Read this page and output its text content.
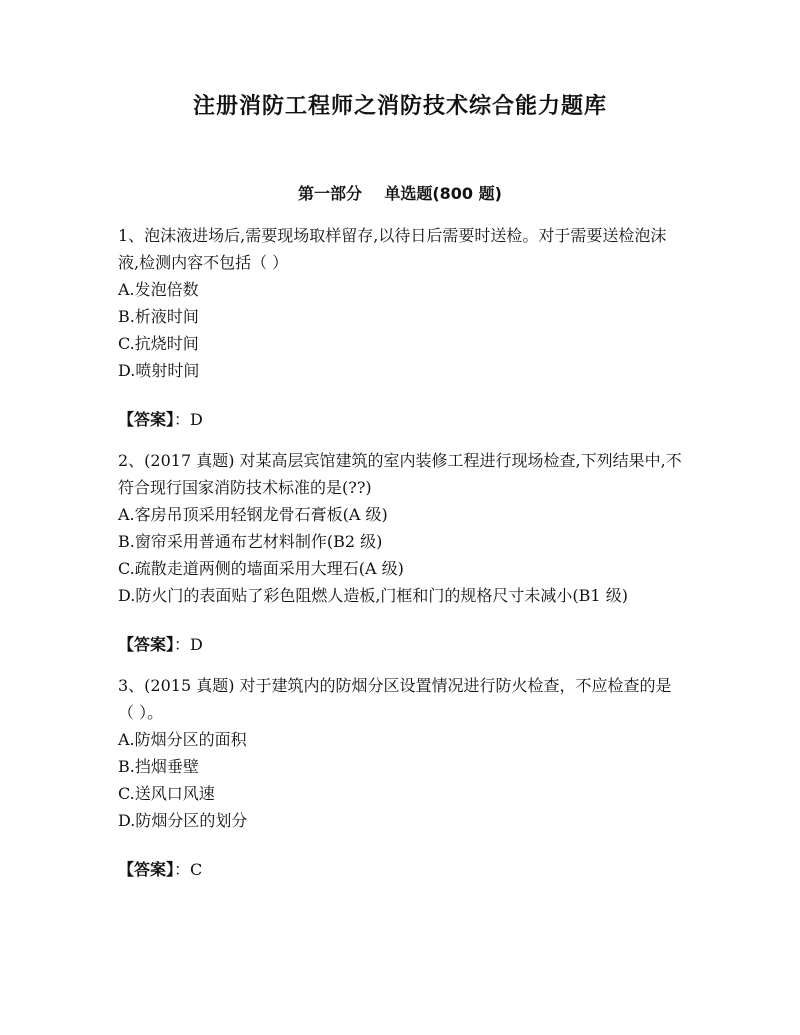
注册消防工程师之消防技术综合能力题库
第一部分    单选题(800 题)

1、泡沫液进场后,需要现场取样留存,以待日后需要时送检。对于需要送检泡沫液,检测内容不包括（ ）

A.发泡倍数

B.析液时间

C.抗烧时间

D.喷射时间

【答案】：D

2、(2017 真题) 对某高层宾馆建筑的室内装修工程进行现场检查,下列结果中,不符合现行国家消防技术标准的是(??)

A.客房吊顶采用轻钢龙骨石膏板(A 级)

B.窗帘采用普通布艺材料制作(B2 级)

C.疏散走道两侧的墙面采用大理石(A 级)

D.防火门的表面贴了彩色阻燃人造板,门框和门的规格尺寸未减小(B1 级)

【答案】：D

3、(2015 真题) 对于建筑内的防烟分区设置情况进行防火检查，不应检查的是（ ）。

A.防烟分区的面积

B.挡烟垂壁

C.送风口风速

D.防烟分区的划分

【答案】：C
